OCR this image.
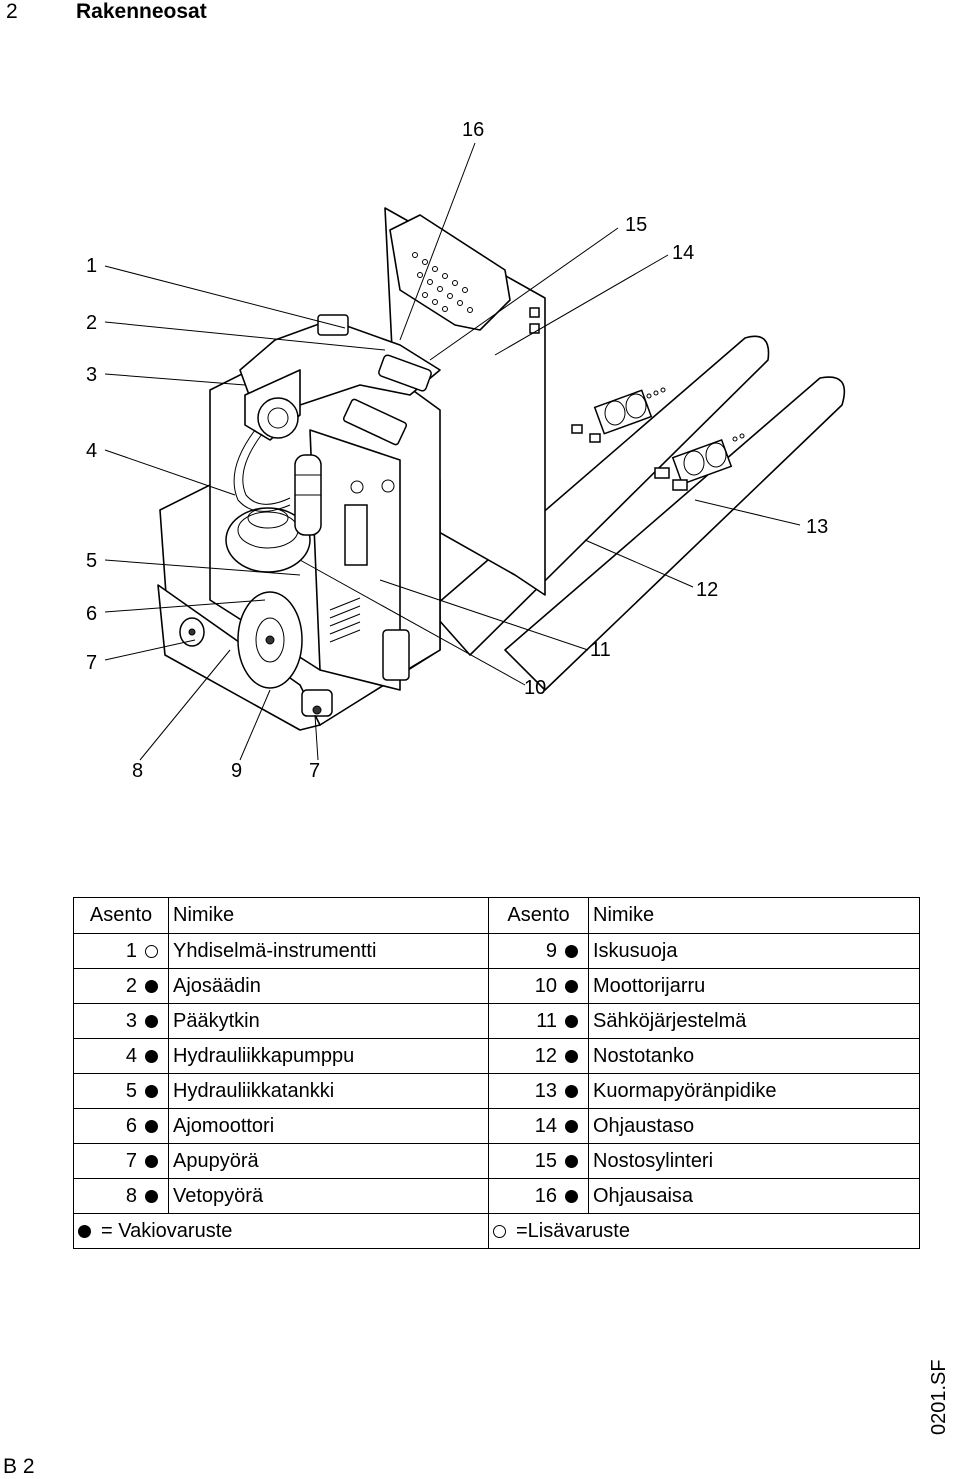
2	Rakenneosat
16
15
14
1
2
3
4
13
5
12
6
11
7
10
8	9	7
Asento	Nimike	Asento	Nimike
1	Yhdiselmä-instrumentti	9	Iskusuoja
2	Ajosäädin	10	Moottorijarru
3	Pääkytkin	11	Sähköjärjestelmä
4	Hydrauliikkapumppu	12	Nostotanko
5	Hydrauliikkatankki	13	Kuormapyöränpidike
6	Ajomoottori	14	Ohjaustaso
7	Apupyörä	15	Nostosylinteri
8	Vetopyörä	16	Ohjausaisa
= Vakiovaruste		=Lisävaruste	
0201.SF
B 2
